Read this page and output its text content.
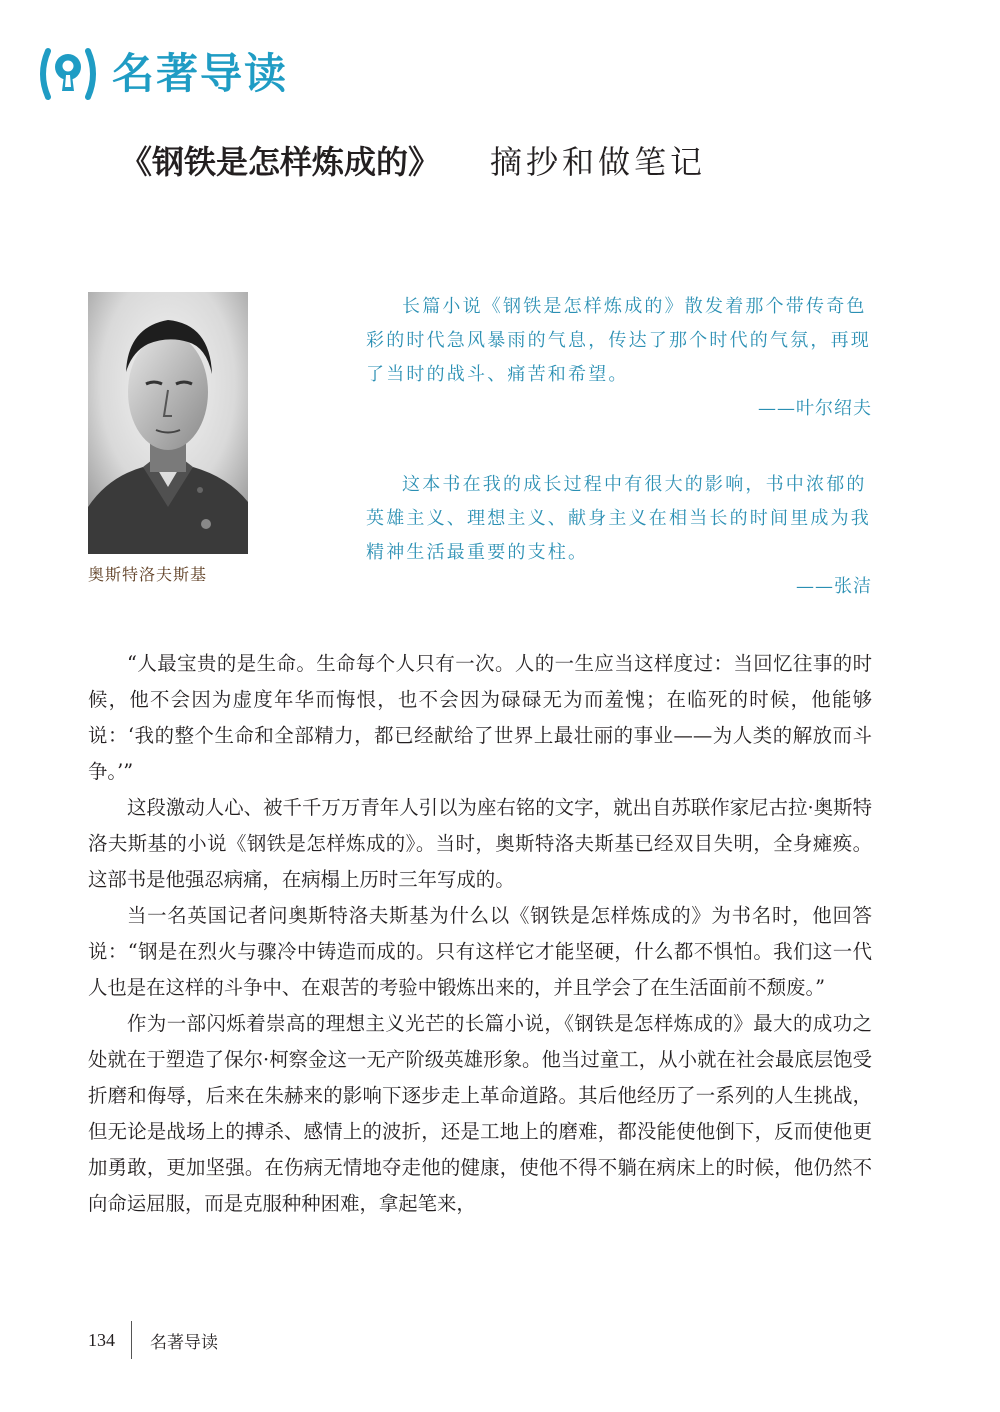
名著导读
《钢铁是怎样炼成的》 摘抄和做笔记
奥斯特洛夫斯基

长篇小说《钢铁是怎样炼成的》散发着那个带传奇色彩的时代急风暴雨的气息，传达了那个时代的气氛，再现了当时的战斗、痛苦和希望。

——叶尔绍夫

这本书在我的成长过程中有很大的影响，书中浓郁的英雄主义、理想主义、献身主义在相当长的时间里成为我精神生活最重要的支柱。

——张洁

“人最宝贵的是生命。生命每个人只有一次。人的一生应当这样度过：当回忆往事的时候，他不会因为虚度年华而悔恨，也不会因为碌碌无为而羞愧；在临死的时候，他能够说：‘我的整个生命和全部精力，都已经献给了世界上最壮丽的事业——为人类的解放而斗争。’”

这段激动人心、被千千万万青年人引以为座右铭的文字，就出自苏联作家尼古拉·奥斯特洛夫斯基的小说《钢铁是怎样炼成的》。当时，奥斯特洛夫斯基已经双目失明，全身瘫痪。这部书是他强忍病痛，在病榻上历时三年写成的。

当一名英国记者问奥斯特洛夫斯基为什么以《钢铁是怎样炼成的》为书名时，他回答说：“钢是在烈火与骤冷中铸造而成的。只有这样它才能坚硬，什么都不惧怕。我们这一代人也是在这样的斗争中、在艰苦的考验中锻炼出来的，并且学会了在生活面前不颓废。”

作为一部闪烁着崇高的理想主义光芒的长篇小说，《钢铁是怎样炼成的》最大的成功之处就在于塑造了保尔·柯察金这一无产阶级英雄形象。他当过童工，从小就在社会最底层饱受折磨和侮辱，后来在朱赫来的影响下逐步走上革命道路。其后他经历了一系列的人生挑战，但无论是战场上的搏杀、感情上的波折，还是工地上的磨难，都没能使他倒下，反而使他更加勇敢，更加坚强。在伤病无情地夺走他的健康，使他不得不躺在病床上的时候，他仍然不向命运屈服，而是克服种种困难，拿起笔来，

134 名著导读
